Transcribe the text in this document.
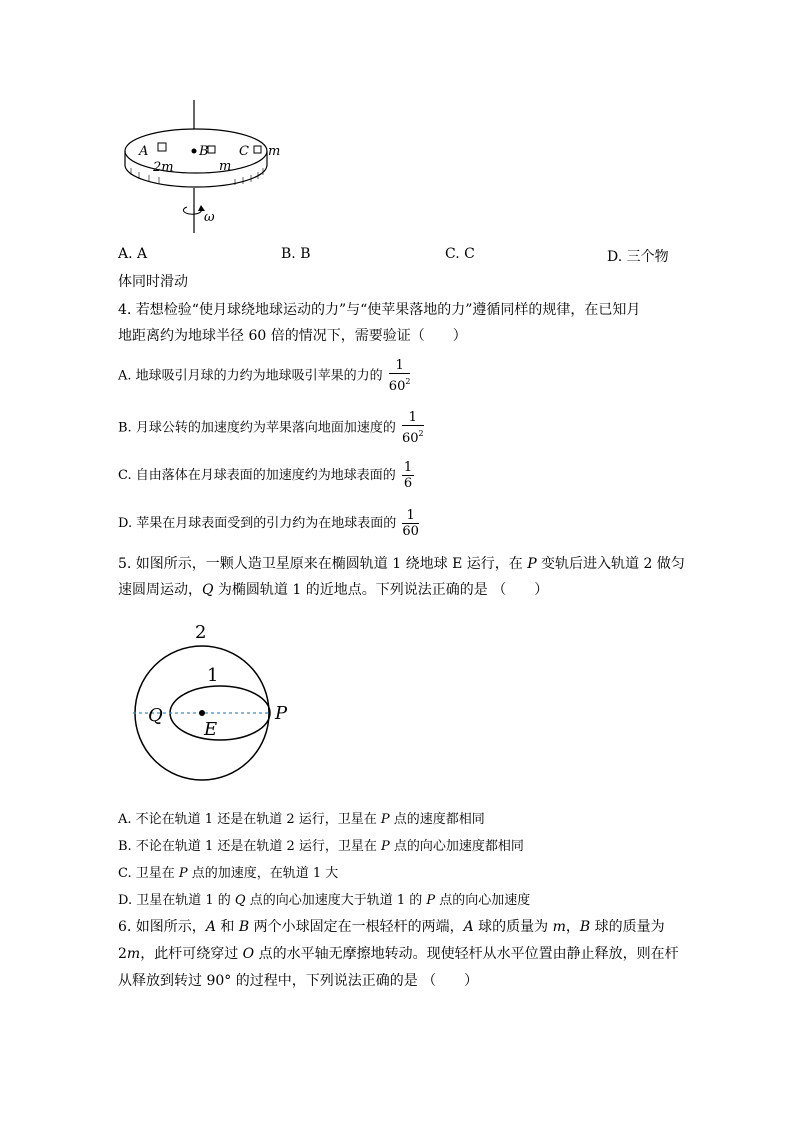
A
2m
B
m
C m
ω
A. A	B. B	C. C	D. 三个物
体同时滑动
4. 若想检验“使月球绕地球运动的力”与“使苹果落地的力”遵循同样的规律，在已知月
地距离约为地球半径 60 倍的情况下，需要验证（　　）
A. 地球吸引月球的力约为地球吸引苹果的力的 $\frac{1}{60^2}$
B. 月球公转的加速度约为苹果落向地面加速度的 $\frac{1}{60^2}$
C. 自由落体在月球表面的加速度约为地球表面的 $\frac{1}{6}$
D. 苹果在月球表面受到的引力约为在地球表面的 $\frac{1}{60}$
5. 如图所示，一颗人造卫星原来在椭圆轨道 1 绕地球 E 运行，在 P 变轨后进入轨道 2 做匀
速圆周运动，Q 为椭圆轨道 1 的近地点。下列说法正确的是 （　　）
2
1
Q	P
E
A. 不论在轨道 1 还是在轨道 2 运行，卫星在 P 点的速度都相同
B. 不论在轨道 1 还是在轨道 2 运行，卫星在 P 点的向心加速度都相同
C. 卫星在 P 点的加速度，在轨道 1 大
D. 卫星在轨道 1 的 Q 点的向心加速度大于轨道 1 的 P 点的向心加速度
6. 如图所示，A 和 B 两个小球固定在一根轻杆的两端，A 球的质量为 m，B 球的质量为
2m，此杆可绕穿过 O 点的水平轴无摩擦地转动。现使轻杆从水平位置由静止释放，则在杆
从释放到转过 90° 的过程中，下列说法正确的是 （　　）
